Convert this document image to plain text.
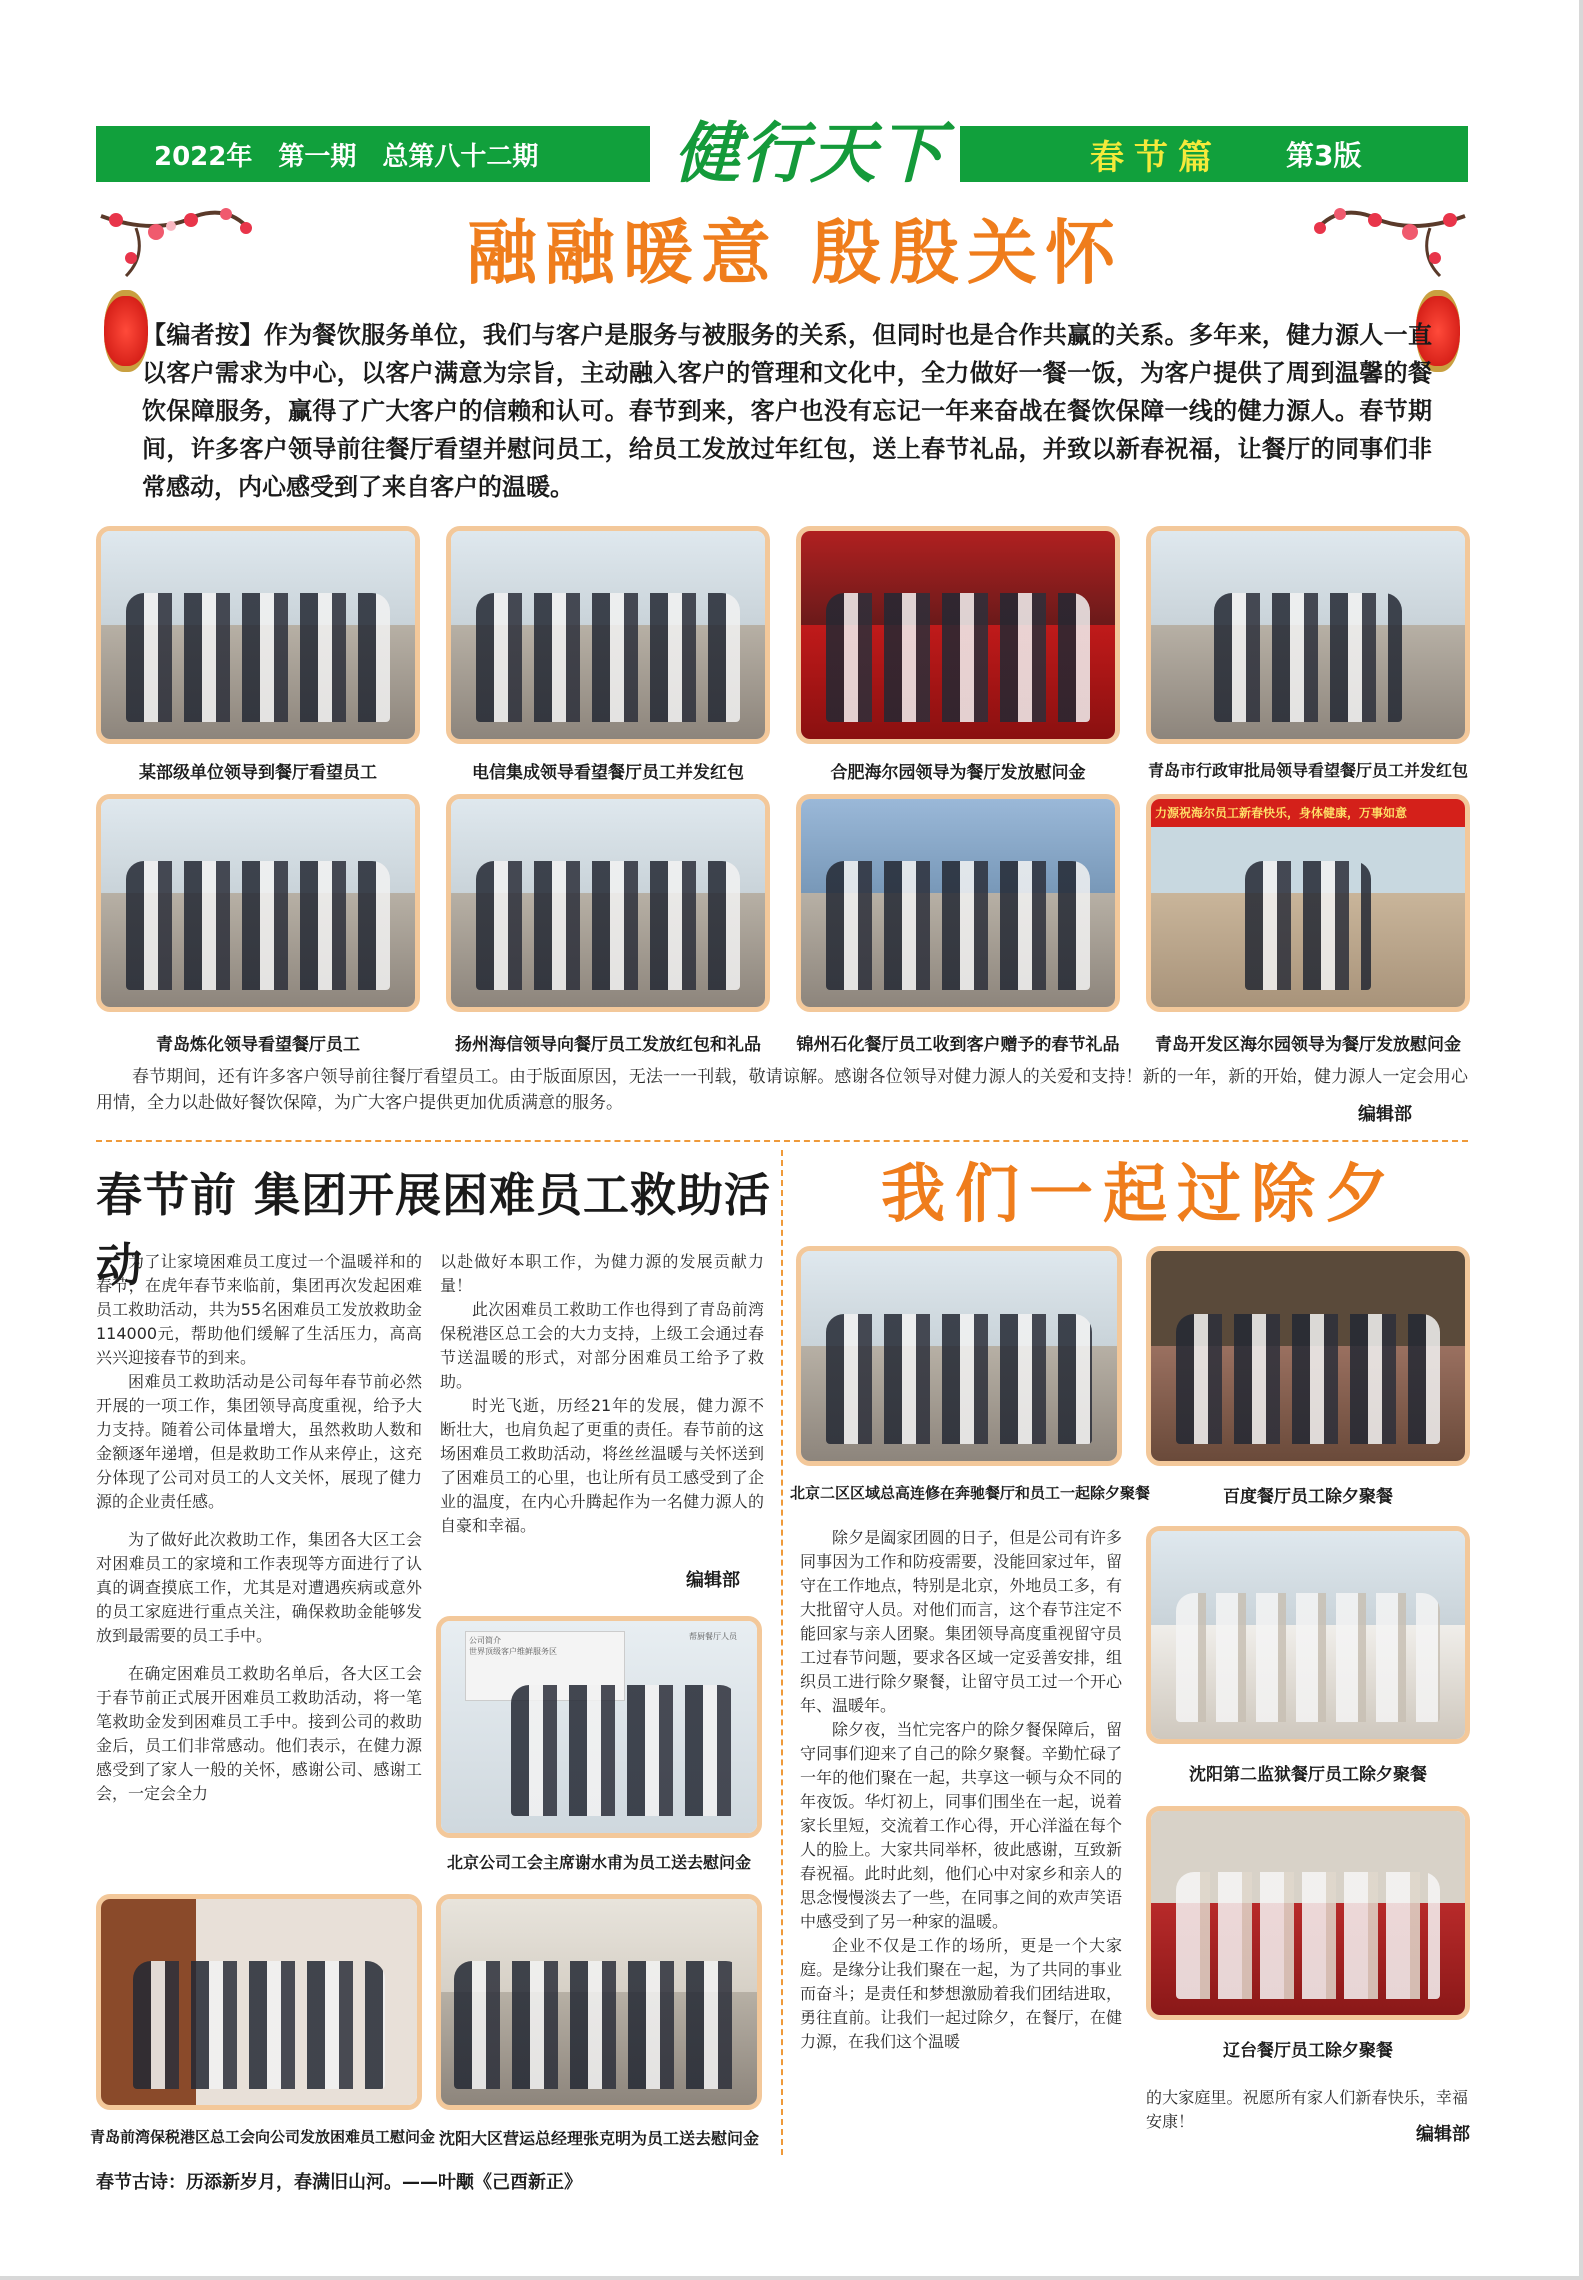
2022年 第一期 总第八十二期 健行天下	春节篇 第3版
融融暖意 殷殷关怀
【编者按】作为餐饮服务单位，我们与客户是服务与被服务的关系，但同时也是合作共赢的关系。多年来，健力源人一直以客户需求为中心，以客户满意为宗旨，主动融入客户的管理和文化中，全力做好一餐一饭，为客户提供了周到温馨的餐饮保障服务，赢得了广大客户的信赖和认可。春节到来，客户也没有忘记一年来奋战在餐饮保障一线的健力源人。春节期间，许多客户领导前往餐厅看望并慰问员工，给员工发放过年红包，送上春节礼品，并致以新春祝福，让餐厅的同事们非常感动，内心感受到了来自客户的温暖。
某部级单位领导到餐厅看望员工	电信集成领导看望餐厅员工并发红包	合肥海尔园领导为餐厅发放慰问金	青岛市行政审批局领导看望餐厅员工并发红包
力源祝海尔员工新春快乐，身体健康，万事如意
青岛炼化领导看望餐厅员工	扬州海信领导向餐厅员工发放红包和礼品	锦州石化餐厅员工收到客户赠予的春节礼品	青岛开发区海尔园领导为餐厅发放慰问金

春节期间，还有许多客户领导前往餐厅看望员工。由于版面原因，无法一一刊载，敬请谅解。感谢各位领导对健力源人的关爱和支持！新的一年，新的开始，健力源人一定会用心用情，全力以赴做好餐饮保障，为广大客户提供更加优质满意的服务。

编辑部
春节前 集团开展困难员工救助活动

为了让家境困难员工度过一个温暖祥和的春节，在虎年春节来临前，集团再次发起困难员工救助活动，共为55名困难员工发放救助金114000元，帮助他们缓解了生活压力，高高兴兴迎接春节的到来。

困难员工救助活动是公司每年春节前必然开展的一项工作，集团领导高度重视，给予大力支持。随着公司体量增大，虽然救助人数和金额逐年递增，但是救助工作从来停止，这充分体现了公司对员工的人文关怀，展现了健力源的企业责任感。

为了做好此次救助工作，集团各大区工会对困难员工的家境和工作表现等方面进行了认真的调查摸底工作，尤其是对遭遇疾病或意外的员工家庭进行重点关注，确保救助金能够发放到最需要的员工手中。

在确定困难员工救助名单后，各大区工会于春节前正式展开困难员工救助活动，将一笔笔救助金发到困难员工手中。接到公司的救助金后，员工们非常感动。他们表示，在健力源感受到了家人一般的关怀，感谢公司、感谢工会，一定会全力

以赴做好本职工作，为健力源的发展贡献力量！

此次困难员工救助工作也得到了青岛前湾保税港区总工会的大力支持，上级工会通过春节送温暖的形式，对部分困难员工给予了救助。

时光飞逝，历经21年的发展，健力源不断壮大，也肩负起了更重的责任。春节前的这场困难员工救助活动，将丝丝温暖与关怀送到了困难员工的心里，也让所有员工感受到了企业的温度，在内心升腾起作为一名健力源人的自豪和幸福。

编辑部
公司简介
世界顶级客户维鲜服务区
帮厨餐厅人员
北京公司工会主席谢水甫为员工送去慰问金
青岛前湾保税港区总工会向公司发放困难员工慰问金 沈阳大区营运总经理张克明为员工送去慰问金
我们一起过除夕
北京二区区域总高连修在奔驰餐厅和员工一起除夕聚餐	百度餐厅员工除夕聚餐

除夕是阖家团圆的日子，但是公司有许多同事因为工作和防疫需要，没能回家过年，留守在工作地点，特别是北京，外地员工多，有大批留守人员。对他们而言，这个春节注定不能回家与亲人团聚。集团领导高度重视留守员工过春节问题，要求各区域一定妥善安排，组织员工进行除夕聚餐，让留守员工过一个开心年、温暖年。

除夕夜，当忙完客户的除夕餐保障后，留守同事们迎来了自己的除夕聚餐。辛勤忙碌了一年的他们聚在一起，共享这一顿与众不同的年夜饭。华灯初上，同事们围坐在一起，说着家长里短，交流着工作心得，开心洋溢在每个人的脸上。大家共同举杯，彼此感谢，互致新春祝福。此时此刻，他们心中对家乡和亲人的思念慢慢淡去了一些，在同事之间的欢声笑语中感受到了另一种家的温暖。

企业不仅是工作的场所，更是一个大家庭。是缘分让我们聚在一起，为了共同的事业而奋斗；是责任和梦想激励着我们团结进取，勇往直前。让我们一起过除夕，在餐厅，在健力源，在我们这个温暖

沈阳第二监狱餐厅员工除夕聚餐
辽台餐厅员工除夕聚餐

的大家庭里。祝愿所有家人们新春快乐，幸福安康！

编辑部
春节古诗：历添新岁月，春满旧山河。——叶颙《己酉新正》
